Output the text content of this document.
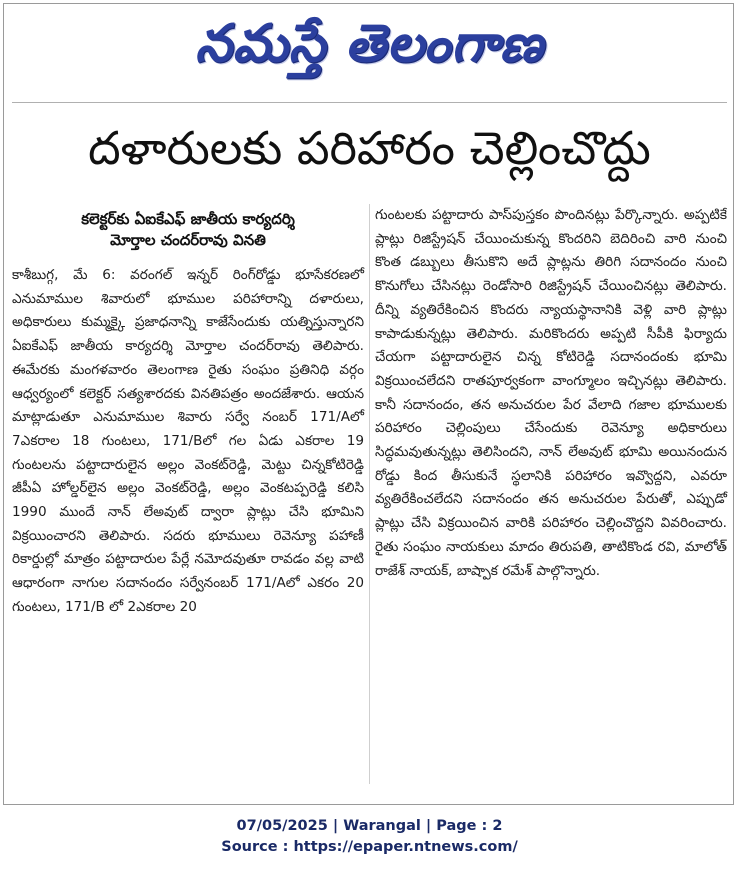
నమస్తే తెలంగాణ
దళారులకు పరిహారం చెల్లించొద్దు
కలెక్టర్‌కు ఏఐకేఎఫ్ జాతీయ కార్యదర్శి
మోర్తాల చందర్‌రావు వినతి

కాశీబుగ్గ, మే 6: వరంగల్ ఇన్నర్ రింగ్‌రోడ్డు భూసేకరణలో ఎనుమాముల శివారులో భూముల పరిహారాన్ని దళారులు, అధికారులు కుమ్మక్కై ప్రజాధనాన్ని కాజేసేందుకు యత్నిస్తున్నారని ఏఐకేఎఫ్ జాతీయ కార్యదర్శి మోర్తాల చందర్‌రావు తెలిపారు. ఈమేరకు మంగళవారం తెలంగాణ రైతు సంఘం ప్రతినిధి వర్గం ఆధ్వర్యంలో కలెక్టర్ సత్యశారదకు వినతిపత్రం అందజేశారు. ఆయన మాట్లాడుతూ ఎనుమాముల శివారు సర్వే నంబర్ 171/Aలో 7ఎకరాల 18 గుంటలు, 171/Bలో గల ఏడు ఎకరాల 19 గుంటలను పట్టాదారులైన అల్లం వెంకట్‌రెడ్డి, మెట్టు చిన్నకోటిరెడ్డి జీపీఏ హోల్డర్‌లైన అల్లం వెంకట్‌రెడ్డి, అల్లం వెంకటప్పరెడ్డి కలిసి 1990 ముందే నాన్ లేఅవుట్ ద్వారా ప్లాట్లు చేసి భూమిని విక్రయించారని తెలిపారు. సదరు భూములు రెవెన్యూ పహాణీ రికార్డుల్లో మాత్రం పట్టాదారుల పేర్లే నమోదవుతూ రావడం వల్ల వాటి ఆధారంగా నాగుల సదానందం సర్వేనంబర్ 171/Aలో ఎకరం 20 గుంటలు, 171/B లో 2ఎకరాల 20

గుంటలకు పట్టాదారు పాస్‌పుస్తకం పొందినట్లు పేర్కొన్నారు. అప్పటికే ప్లాట్లు రిజిస్ట్రేషన్ చేయించుకున్న కొందరిని బెదిరించి వారి నుంచి కొంత డబ్బులు తీసుకొని అదే ప్లాట్లను తిరిగి సదానందం నుంచి కొనుగోలు చేసినట్లు రెండోసారి రిజిస్ట్రేషన్ చేయించినట్లు తెలిపారు. దీన్ని వ్యతిరేకించిన కొందరు న్యాయస్థానానికి వెళ్లి వారి ప్లాట్లు కాపాడుకున్నట్లు తెలిపారు. మరికొందరు అప్పటి సీపీకి ఫిర్యాదు చేయగా పట్టాదారులైన చిన్న కోటిరెడ్డి సదానందంకు భూమి విక్రయించలేదని రాతపూర్వకంగా వాంగ్మూలం ఇచ్చినట్లు తెలిపారు. కానీ సదానందం, తన అనుచరుల పేర వేలాది గజాల భూములకు పరిహారం చెల్లింపులు చేసేందుకు రెవెన్యూ అధికారులు సిద్ధమవుతున్నట్లు తెలిసిందని, నాన్ లేఅవుట్ భూమి అయినందున రోడ్డు కింద తీసుకునే స్థలానికి పరిహారం ఇవ్వొద్దని, ఎవరూ వ్యతిరేకించలేదని సదానందం తన అనుచరుల పేరుతో, ఎప్పుడో ప్లాట్లు చేసి విక్రయించిన వారికి పరిహారం చెల్లించొద్దని వివరించారు. రైతు సంఘం నాయకులు మాదం తిరుపతి, తాటికొండ రవి, మాలోత్ రాజేశ్ నాయక్, బాష్పాక రమేశ్ పాల్గొన్నారు.

07/05/2025 | Warangal | Page : 2
Source : https://epaper.ntnews.com/
